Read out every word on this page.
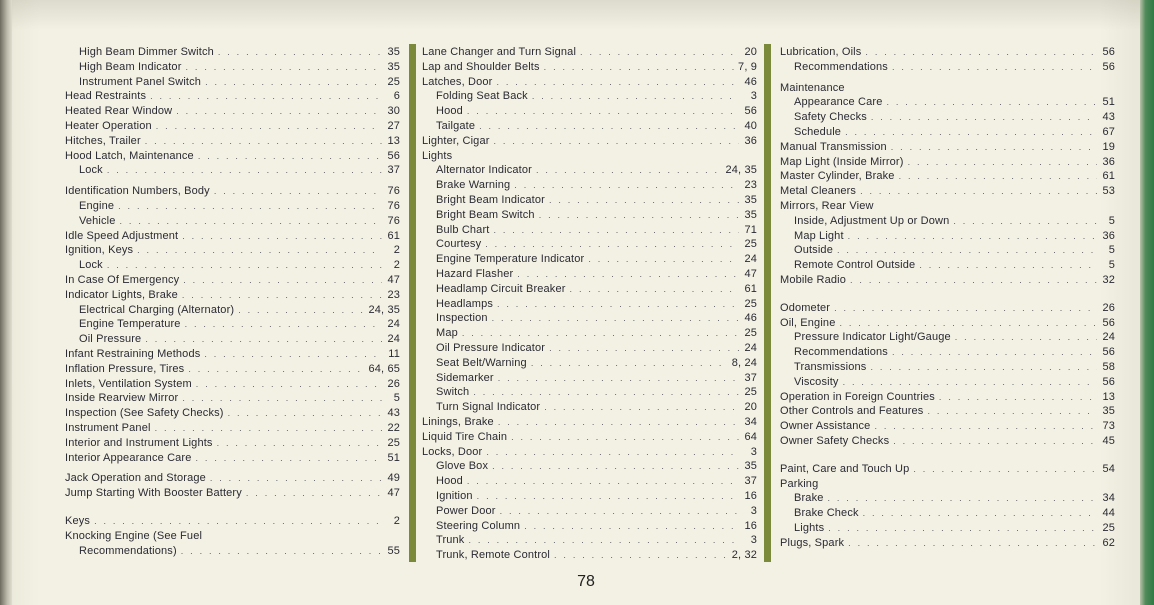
High Beam Dimmer Switch . . .	35
High Beam Indicator . . .	35
Instrument Panel Switch . . .	25
Head Restraints . . .	6
Heated Rear Window . . .	30
Heater Operation . . .	27
Hitches, Trailer . . .	13
Hood Latch, Maintenance . . .	56
Lock . . .	37
Identification Numbers, Body . . .	76
Engine . . .	76
Vehicle . . .	76
Idle Speed Adjustment . . .	61
Ignition, Keys . . .	2
Lock . . .	2
In Case Of Emergency . . .	47
Indicator Lights, Brake . . .	23
Electrical Charging (Alternator) . . .	24, 35
Engine Temperature . . .	24
Oil Pressure . . .	24
Infant Restraining Methods . . .	11
Inflation Pressure, Tires . . .	64, 65
Inlets, Ventilation System . . .	26
Inside Rearview Mirror . . .	5
Inspection (See Safety Checks) . . .	43
Instrument Panel . . .	22
Interior and Instrument Lights . . .	25
Interior Appearance Care . . .	51
Jack Operation and Storage . . .	49
Jump Starting With Booster Battery . . .	47
Keys . . .	2
Knocking Engine (See Fuel
Recommendations) . . .	55
Lane Changer and Turn Signal . . .	20
Lap and Shoulder Belts . . .	7, 9
Latches, Door . . .	46
Folding Seat Back . . .	3
Hood . . .	56
Tailgate . . .	40
Lighter, Cigar . . .	36
Lights
Alternator Indicator . . .	24, 35
Brake Warning . . .	23
Bright Beam Indicator . . .	35
Bright Beam Switch . . .	35
Bulb Chart . . .	71
Courtesy . . .	25
Engine Temperature Indicator . . .	24
Hazard Flasher . . .	47
Headlamp Circuit Breaker . . .	61
Headlamps . . .	25
Inspection . . .	46
Map . . .	25
Oil Pressure Indicator . . .	24
Seat Belt/Warning . . .	8, 24
Sidemarker . . .	37
Switch . . .	25
Turn Signal Indicator . . .	20
Linings, Brake . . .	34
Liquid Tire Chain . . .	64
Locks, Door . . .	3
Glove Box . . .	35
Hood . . .	37
Ignition . . .	16
Power Door . . .	3
Steering Column . . .	16
Trunk . . .	3
Trunk, Remote Control . . .	2, 32
Lubrication, Oils . . .	56
Recommendations . . .	56
Maintenance
Appearance Care . . .	51
Safety Checks . . .	43
Schedule . . .	67
Manual Transmission . . .	19
Map Light (Inside Mirror) . . .	36
Master Cylinder, Brake . . .	61
Metal Cleaners . . .	53
Mirrors, Rear View
Inside, Adjustment Up or Down . . .	5
Map Light . . .	36
Outside . . .	5
Remote Control Outside . . .	5
Mobile Radio . . .	32
Odometer . . .	26
Oil, Engine . . .	56
Pressure Indicator Light/Gauge . . .	24
Recommendations . . .	56
Transmissions . . .	58
Viscosity . . .	56
Operation in Foreign Countries . . .	13
Other Controls and Features . . .	35
Owner Assistance . . .	73
Owner Safety Checks . . .	45
Paint, Care and Touch Up . . .	54
Parking
Brake . . .	34
Brake Check . . .	44
Lights . . .	25
Plugs, Spark . . .	62
78
